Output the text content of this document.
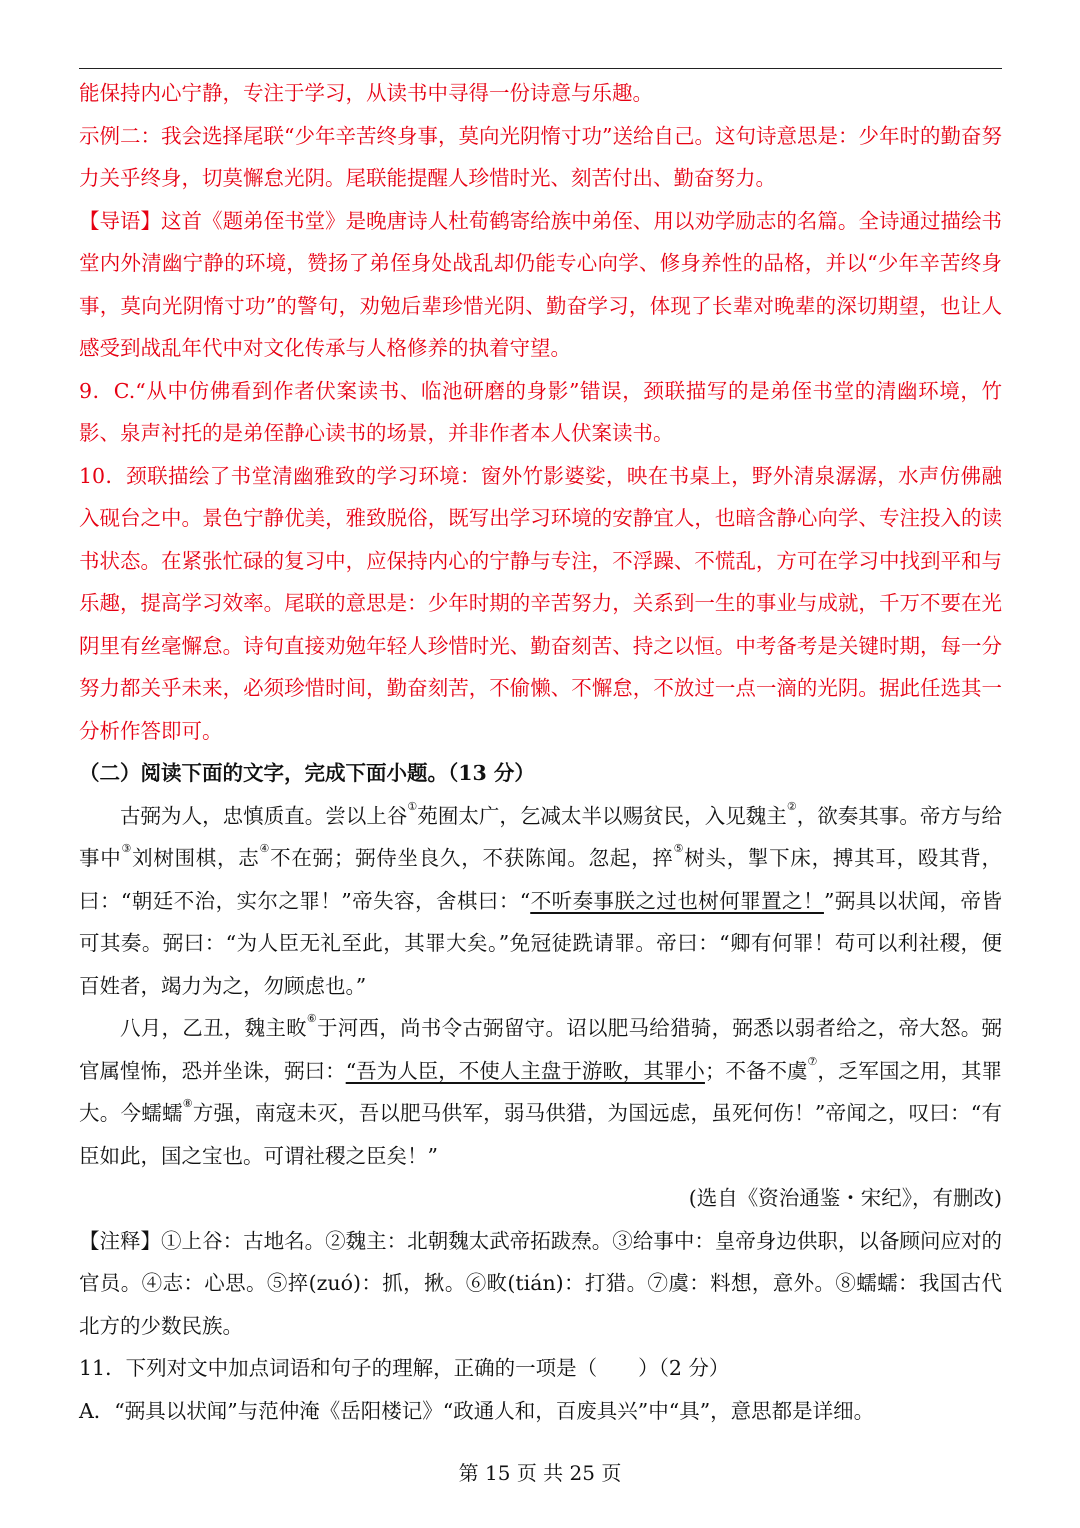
能保持内心宁静，专注于学习，从读书中寻得一份诗意与乐趣。

示例二：我会选择尾联“少年辛苦终身事，莫向光阴惰寸功”送给自己。这句诗意思是：少年时的勤奋努力关乎终身，切莫懈怠光阴。尾联能提醒人珍惜时光、刻苦付出、勤奋努力。

【导语】这首《题弟侄书堂》是晚唐诗人杜荀鹤寄给族中弟侄、用以劝学励志的名篇。全诗通过描绘书堂内外清幽宁静的环境，赞扬了弟侄身处战乱却仍能专心向学、修身养性的品格，并以“少年辛苦终身事，莫向光阴惰寸功”的警句，劝勉后辈珍惜光阴、勤奋学习，体现了长辈对晚辈的深切期望，也让人感受到战乱年代中对文化传承与人格修养的执着守望。

9．C.“从中仿佛看到作者伏案读书、临池研磨的身影”错误，颈联描写的是弟侄书堂的清幽环境，竹影、泉声衬托的是弟侄静心读书的场景，并非作者本人伏案读书。

10．颈联描绘了书堂清幽雅致的学习环境：窗外竹影婆娑，映在书桌上，野外清泉潺潺，水声仿佛融入砚台之中。景色宁静优美，雅致脱俗，既写出学习环境的安静宜人，也暗含静心向学、专注投入的读书状态。在紧张忙碌的复习中，应保持内心的宁静与专注，不浮躁、不慌乱，方可在学习中找到平和与乐趣，提高学习效率。尾联的意思是：少年时期的辛苦努力，关系到一生的事业与成就，千万不要在光阴里有丝毫懈怠。诗句直接劝勉年轻人珍惜时光、勤奋刻苦、持之以恒。中考备考是关键时期，每一分努力都关乎未来，必须珍惜时间，勤奋刻苦，不偷懒、不懈怠，不放过一点一滴的光阴。据此任选其一分析作答即可。

（二）阅读下面的文字，完成下面小题。（13 分）

古弼为人，忠慎质直。尝以上谷①苑囿太广，乞减太半以赐贫民，入见魏主②，欲奏其事。帝方与给事中③刘树围棋，志④不在弼；弼侍坐良久，不获陈闻。忽起，捽⑤树头，掣下床，搏其耳，殴其背，曰：“朝廷不治，实尔之罪！”帝失容，舍棋曰：“不听奏事朕之过也树何罪置之！”弼具以状闻，帝皆可其奏。弼曰：“为人臣无礼至此，其罪大矣。”免冠徒跣请罪。帝曰：“卿有何罪！苟可以利社稷，便百姓者，竭力为之，勿顾虑也。”

八月，乙丑，魏主畋⑥于河西，尚书令古弼留守。诏以肥马给猎骑，弼悉以弱者给之，帝大怒。弼官属惶怖，恐并坐诛，弼曰：“吾为人臣，不使人主盘于游畋，其罪小；不备不虞⑦，乏军国之用，其罪大。今蠕蠕⑧方强，南寇未灭，吾以肥马供军，弱马供猎，为国远虑，虽死何伤！”帝闻之，叹曰：“有臣如此，国之宝也。可谓社稷之臣矣！”

(选自《资治通鉴・宋纪》，有删改)

【注释】①上谷：古地名。②魏主：北朝魏太武帝拓跋焘。③给事中：皇帝身边供职，以备顾问应对的官员。④志：心思。⑤捽(zuó)：抓，揪。⑥畋(tián)：打猎。⑦虞：料想，意外。⑧蠕蠕：我国古代北方的少数民族。

11．下列对文中加点词语和句子的理解，正确的一项是（　　）（2 分）

A．“弼具以状闻”与范仲淹《岳阳楼记》“政通人和，百废具兴”中“具”，意思都是详细。

第 15 页 共 25 页
